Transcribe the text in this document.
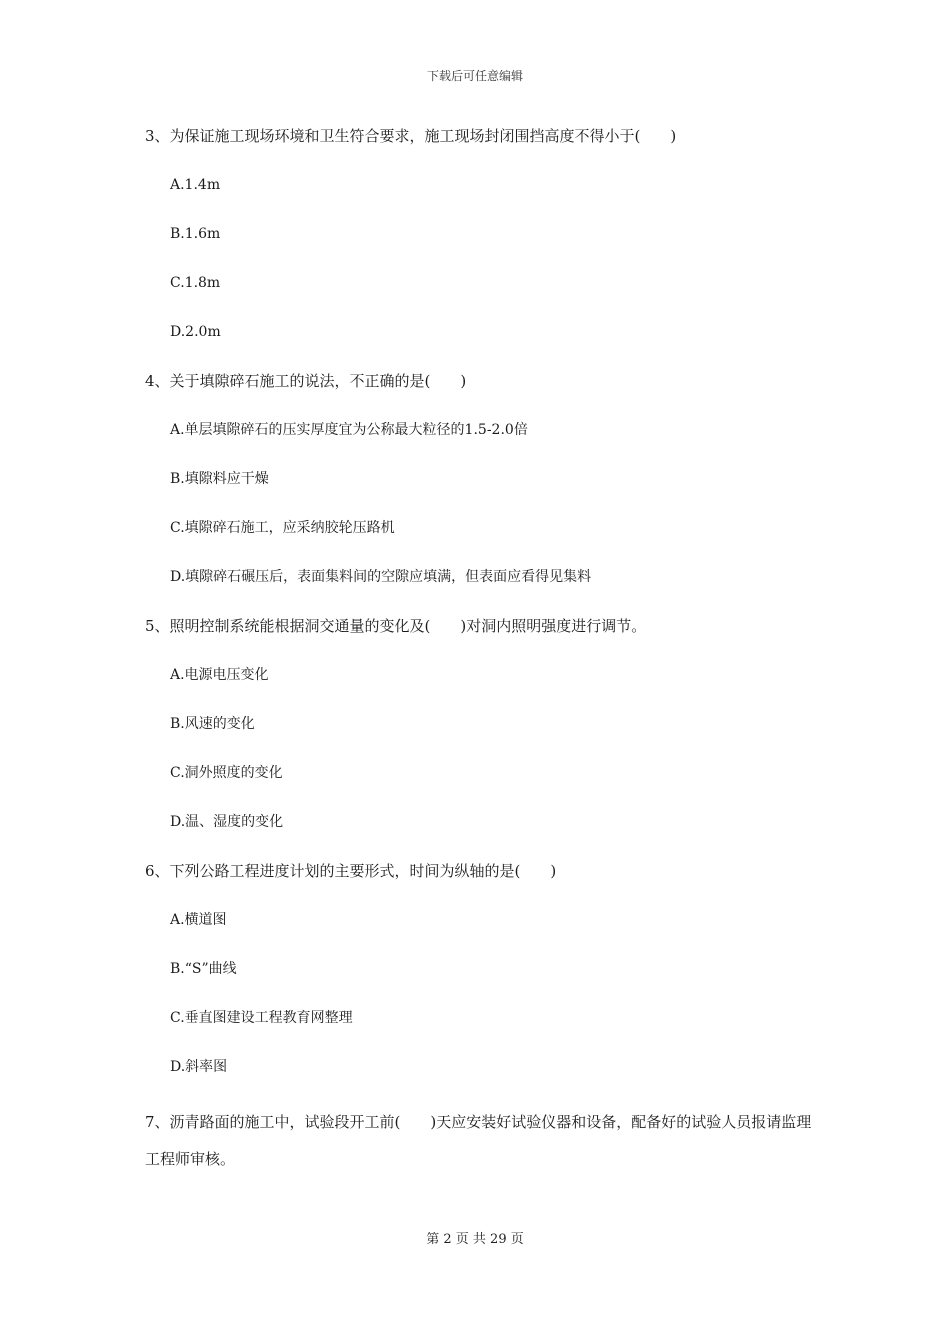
下载后可任意编辑

3、为保证施工现场环境和卫生符合要求，施工现场封闭围挡高度不得小于(　　)

A.1.4m

B.1.6m

C.1.8m

D.2.0m

4、关于填隙碎石施工的说法，不正确的是(　　)

A.单层填隙碎石的压实厚度宜为公称最大粒径的1.5-2.0倍

B.填隙料应干燥

C.填隙碎石施工，应采纳胶轮压路机

D.填隙碎石碾压后，表面集料间的空隙应填满，但表面应看得见集料

5、照明控制系统能根据洞交通量的变化及(　　)对洞内照明强度进行调节。

A.电源电压变化

B.风速的变化

C.洞外照度的变化

D.温、湿度的变化

6、下列公路工程进度计划的主要形式，时间为纵轴的是(　　)

A.横道图

B.“S”曲线

C.垂直图建设工程教育网整理

D.斜率图

7、沥青路面的施工中，试验段开工前(　　)天应安装好试验仪器和设备，配备好的试验人员报请监理工程师审核。

第 2 页 共 29 页
